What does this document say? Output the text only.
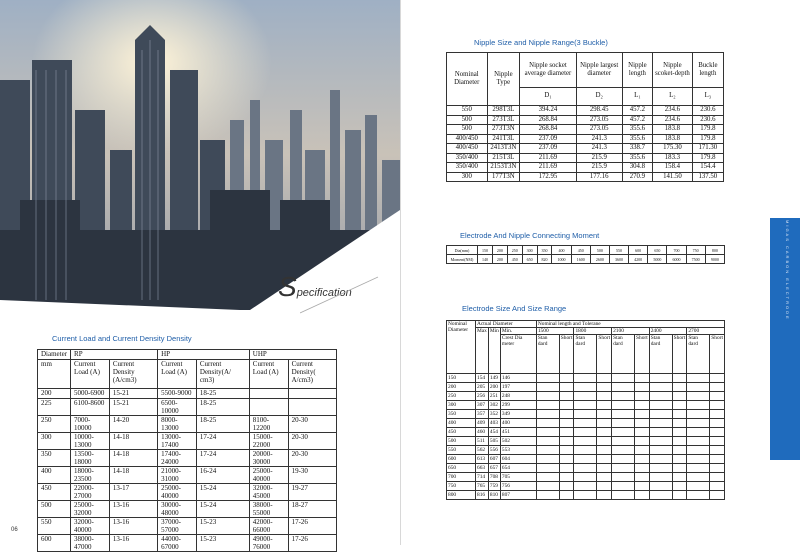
Specification
Current Load and Current Density Density
Diameter	RP		HP		UHP	
mm	Current Load (A)	Current Density (A/cm3)	Current Load (A)	Current Density(A/ cm3)	Current Load (A)	Current Density( A/cm3)
200	5000-6900	15-21	5500-9000	18-25		
225	6100-8600	15-21	6500-10000	18-25		
250	7000-10000	14-20	8000-13000	18-25	8100-12200	20-30
300	10000-13000	14-18	13000-17400	17-24	15000-22000	20-30
350	13500-18000	14-18	17400-24000	17-24	20000-30000	20-30
400	18000-23500	14-18	21000-31000	16-24	25000-40000	19-30
450	22000-27000	13-17	25000-40000	15-24	32000-45000	19-27
500	25000-32000	13-16	30000-48000	15-24	38000-55000	18-27
550	32000-40000	13-16	37000-57000	15-23	42000-66000	17-26
600	38000-47000	13-16	44000-67000	15-23	49000-76000	17-26
Nipple Size and Nipple Range(3 Buckle)
Nominal Diameter	Nipple Type	Nipple socket average diameter	Nipple largest diameter	Nipple length	Nipple scoket-depth	Buckle length
		D₁	D₂	L₁	L₂	L₃
550	298T3L	394.24	298.45	457.2	234.6	230.6
500	273T3L	268.84	273.05	457.2	234.6	230.6
500	273T3N	268.84	273.05	355.6	183.8	179.8
400/450	241T3L	237.09	241.3	355.6	183.8	179.8
400/450	2413T3N	237.09	241.3	338.7	175.30	171.30
350/400	215T3L	211.69	215.9	355.6	183.3	179.8
350/400	2153T3N	211.69	215.9	304.8	158.4	154.4
300	177T3N	172.95	177.16	270.9	141.50	137.50
Electrode And Nipple Connecting Moment
Dia(mm)	150	200	250	300	350	400	450	500	550	600	650	700	750	800
Moment(NM)	140	200	450	650	820	1000	1600	2600	3600	4200	5000	6000	7500	9000
Electrode Size And Size Range
Nominal Diameter	Actual Diameter			Nominal length and Tolerane									
	Max	Min	Min.	1500		1800		2100		2400		2700	
			Crest Dia meter	Stan dard	Short	Stan dard	Short	Stan dard	Short	Stan dard	Short	Stan dard	Short
150	154	149	146										
200	205	200	197										
250	256	251	248										
300	307	302	299										
350	357	352	349										
400	409	403	400										
450	460	454	451										
500	511	505	502										
550	562	556	553										
600	613	607	604										
650	663	657	654										
700	714	708	705										
750	765	759	756										
800	816	810	807										
06
MIGAS CARBON ELECTRODE
